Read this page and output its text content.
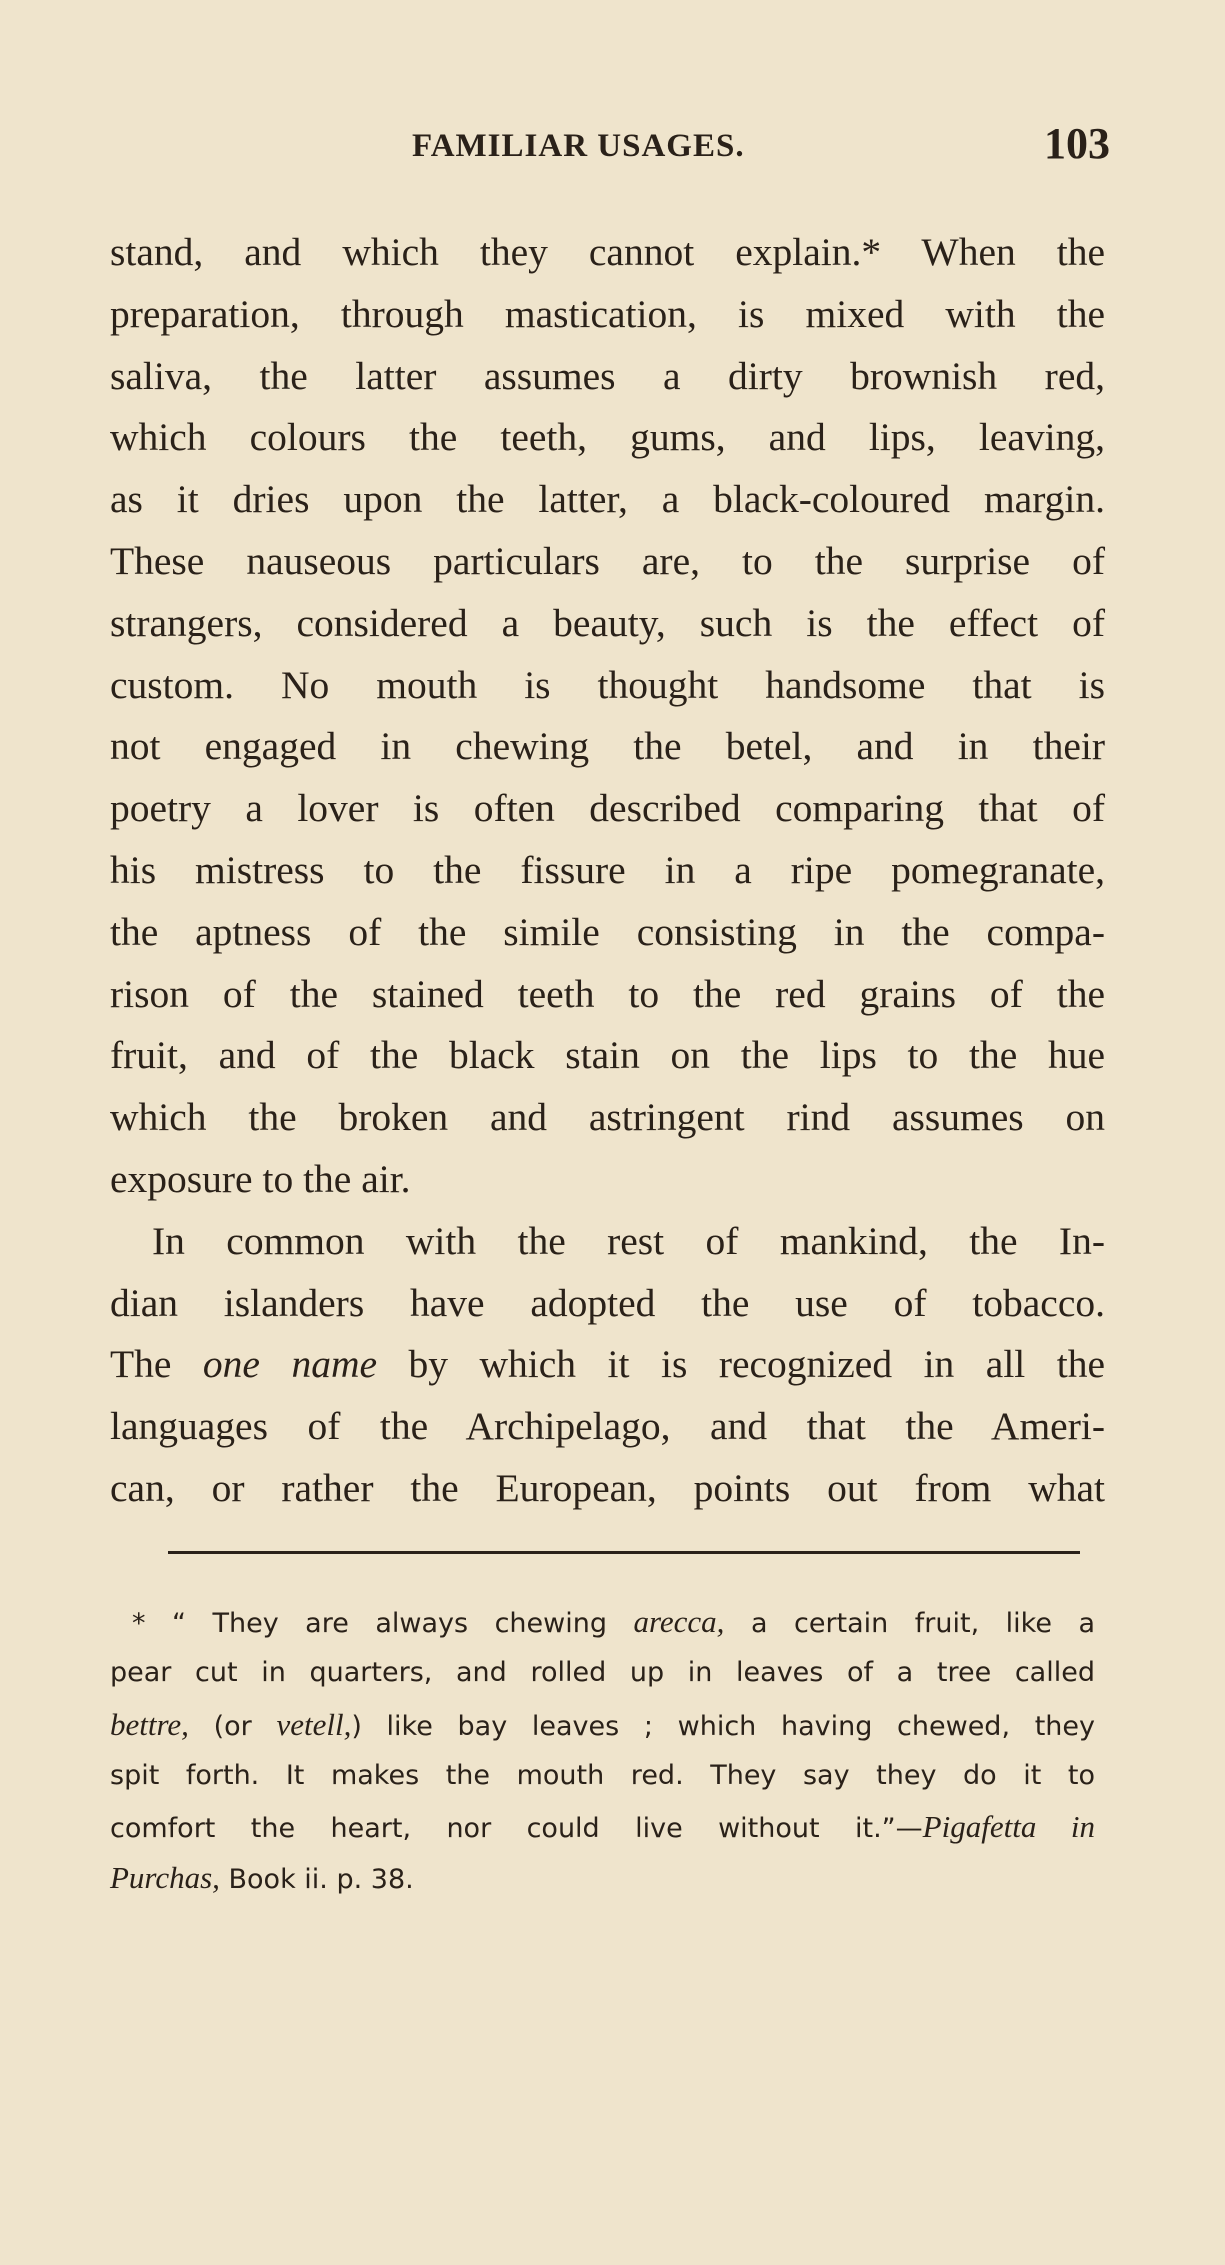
FAMILIAR USAGES.	103
stand, and which they cannot explain.* When the
preparation, through mastication, is mixed with the
saliva, the latter assumes a dirty brownish red,
which colours the teeth, gums, and lips, leaving,
as it dries upon the latter, a black-coloured margin.
These nauseous particulars are, to the surprise of
strangers, considered a beauty, such is the effect of
custom. No mouth is thought handsome that is
not engaged in chewing the betel, and in their
poetry a lover is often described comparing that of
his mistress to the fissure in a ripe pomegranate,
the aptness of the simile consisting in the compa-
rison of the stained teeth to the red grains of the
fruit, and of the black stain on the lips to the hue
which the broken and astringent rind assumes on
exposure to the air.
In common with the rest of mankind, the In-
dian islanders have adopted the use of tobacco.
The one name by which it is recognized in all the
languages of the Archipelago, and that the Ameri-
can, or rather the European, points out from what
* “ They are always chewing arecca, a certain fruit, like a
pear cut in quarters, and rolled up in leaves of a tree called
bettre, (or vetell,) like bay leaves ; which having chewed, they
spit forth. It makes the mouth red. They say they do it to
comfort the heart, nor could live without it.”—Pigafetta in
Purchas, Book ii. p. 38.
